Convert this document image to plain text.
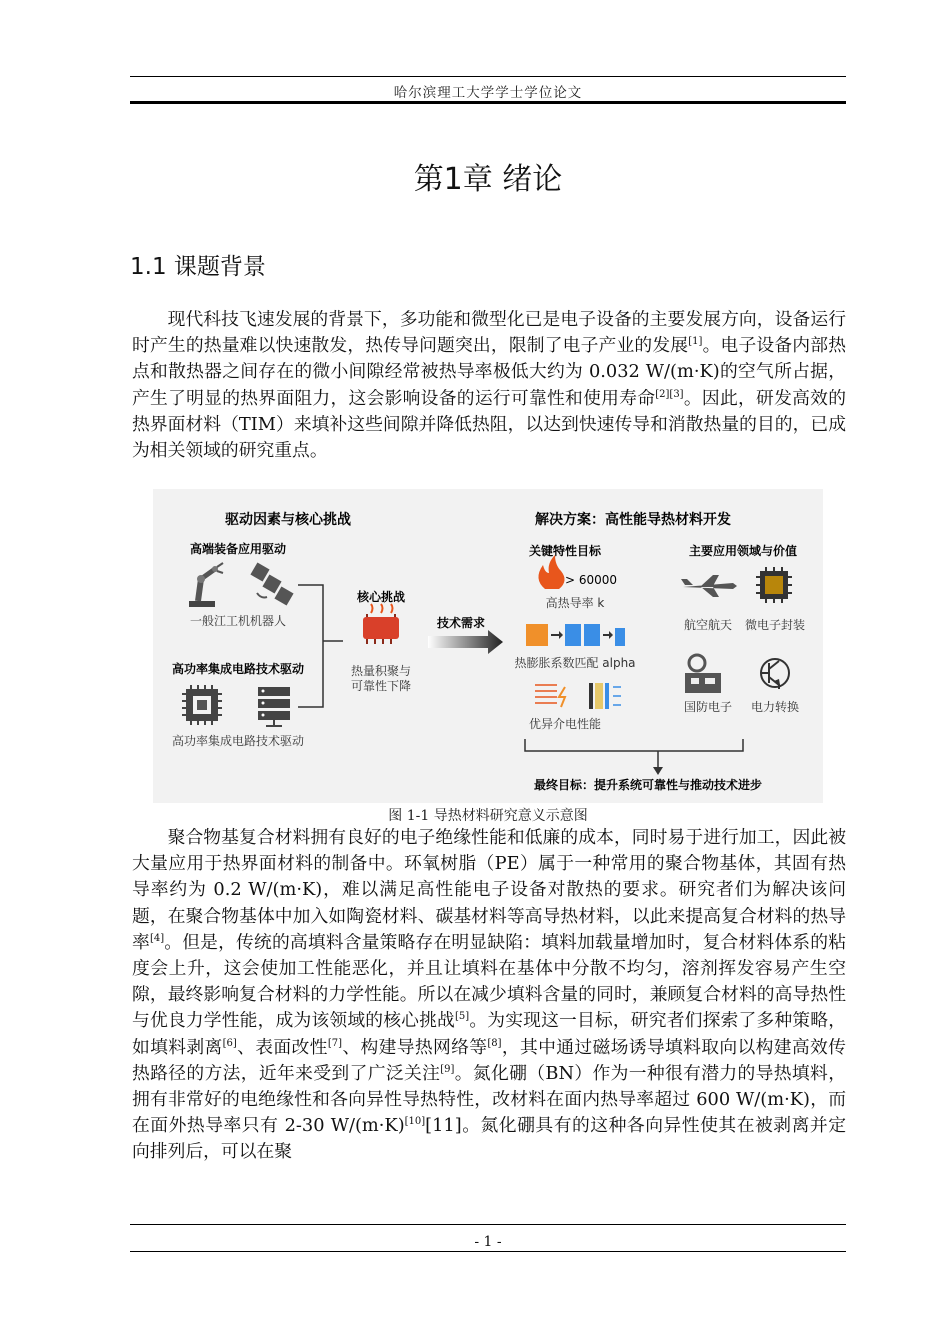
哈尔滨理工大学学士学位论文
第1章 绪论
1.1 课题背景

现代科技飞速发展的背景下，多功能和微型化已是电子设备的主要发展方向，设备运行时产生的热量难以快速散发，热传导问题突出，限制了电子产业的发展[1]。电子设备内部热点和散热器之间存在的微小间隙经常被热导率极低大约为 0.032 W/(m·K)的空气所占据，产生了明显的热界面阻力，这会影响设备的运行可靠性和使用寿命[2][3]。因此，研发高效的热界面材料（TIM）来填补这些间隙并降低热阻，以达到快速传导和消散热量的目的，已成为相关领域的研究重点。

驱动因素与核心挑战	解决方案：高性能导热材料开发
高端装备应用驱动
一般江工机机器人
高功率集成电路技术驱动
高功率集成电路技术驱动
核心挑战
热量积聚与
可靠性下降
技术需求
关键特性目标
> 60000
高热导率 k
热膨胀系数匹配 alpha
优异介电性能
主要应用领域与价值
航空航天 微电子封装
国防电子 电力转换
最终目标：提升系统可靠性与推动技术进步
图 1-1 导热材料研究意义示意图

聚合物基复合材料拥有良好的电子绝缘性能和低廉的成本，同时易于进行加工，因此被大量应用于热界面材料的制备中。环氧树脂（PE）属于一种常用的聚合物基体，其固有热导率约为 0.2 W/(m·K)，难以满足高性能电子设备对散热的要求。研究者们为解决该问题，在聚合物基体中加入如陶瓷材料、碳基材料等高导热材料，以此来提高复合材料的热导率[4]。但是，传统的高填料含量策略存在明显缺陷：填料加载量增加时，复合材料体系的粘度会上升，这会使加工性能恶化，并且让填料在基体中分散不均匀，溶剂挥发容易产生空隙，最终影响复合材料的力学性能。所以在减少填料含量的同时，兼顾复合材料的高导热性与优良力学性能，成为该领域的核心挑战[5]。为实现这一目标，研究者们探索了多种策略，如填料剥离[6]、表面改性[7]、构建导热网络等[8]，其中通过磁场诱导填料取向以构建高效传热路径的方法，近年来受到了广泛关注[9]。氮化硼（BN）作为一种很有潜力的导热填料，拥有非常好的电绝缘性和各向异性导热特性，改材料在面内热导率超过 600 W/(m·K)，而在面外热导率只有 2-30 W/(m·K)[10][11]。氮化硼具有的这种各向异性使其在被剥离并定向排列后，可以在聚

- 1 -
